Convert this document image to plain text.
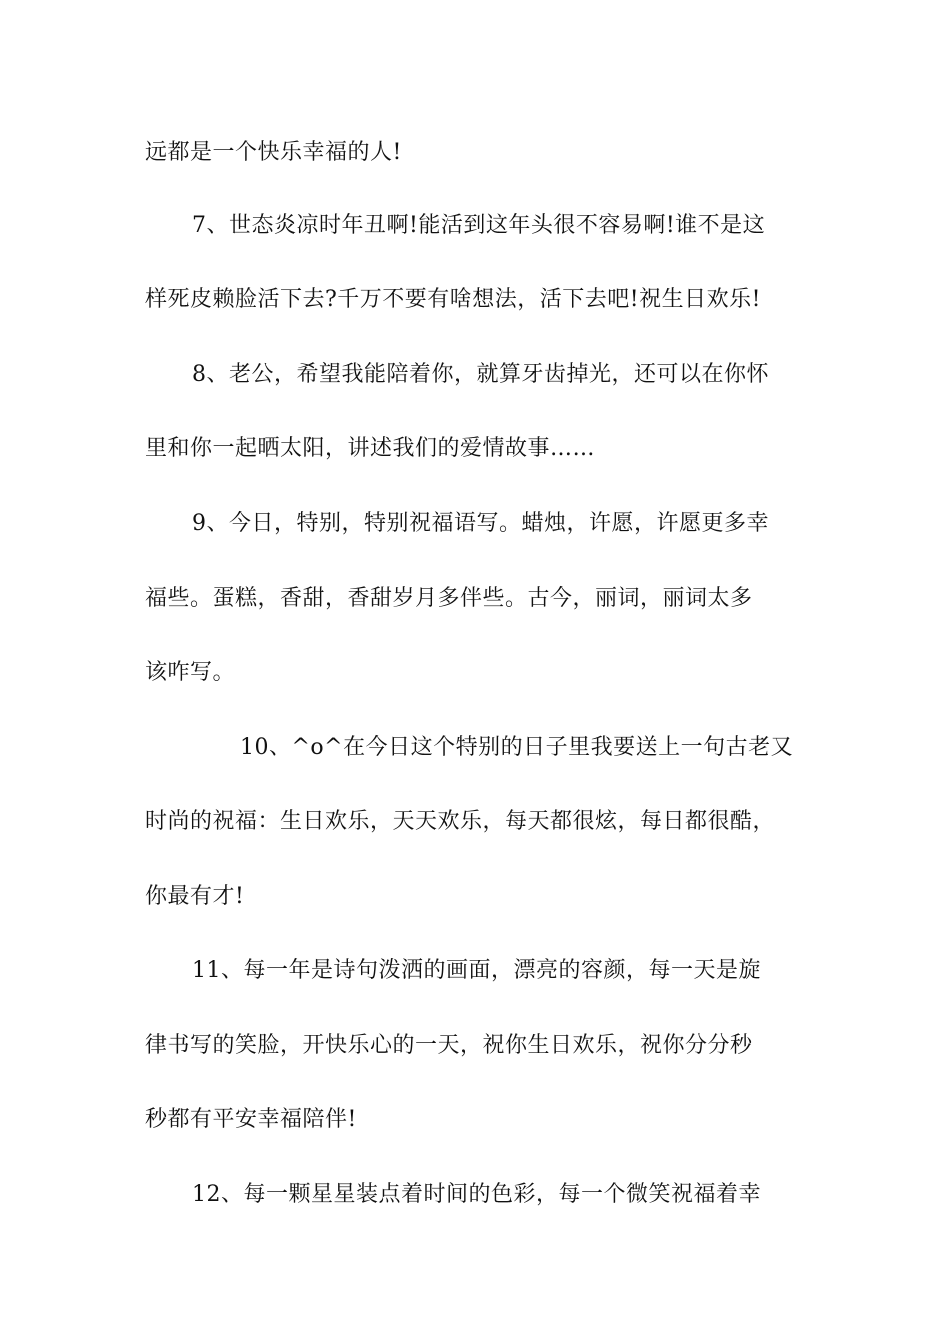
远都是一个快乐幸福的人!
7、世态炎凉时年丑啊!能活到这年头很不容易啊!谁不是这
样死皮赖脸活下去?千万不要有啥想法，活下去吧!祝生日欢乐!
8、老公，希望我能陪着你，就算牙齿掉光，还可以在你怀
里和你一起晒太阳，讲述我们的爱情故事……
9、今日，特别，特别祝福语写。蜡烛，许愿，许愿更多幸
福些。蛋糕，香甜，香甜岁月多伴些。古今，丽词，丽词太多
该咋写。
10、^o^在今日这个特别的日子里我要送上一句古老又
时尚的祝福：生日欢乐，天天欢乐，每天都很炫，每日都很酷，
你最有才!
11、每一年是诗句泼洒的画面，漂亮的容颜，每一天是旋
律书写的笑脸，开快乐心的一天，祝你生日欢乐，祝你分分秒
秒都有平安幸福陪伴!
12、每一颗星星装点着时间的色彩，每一个微笑祝福着幸
